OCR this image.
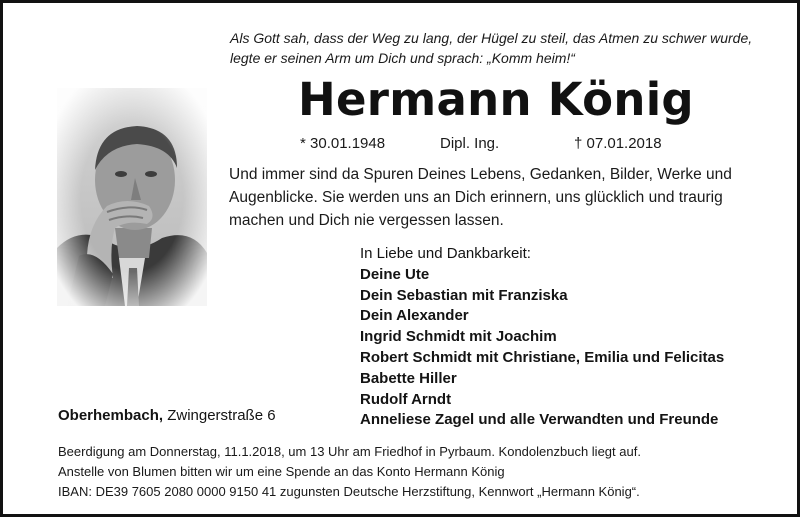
Als Gott sah, dass der Weg zu lang, der Hügel zu steil, das Atmen zu schwer wurde,
legte er seinen Arm um Dich und sprach: „Komm heim!“
Hermann König
* 30.01.1948	Dipl. Ing.	† 07.01.2018
Und immer sind da Spuren Deines Lebens, Gedanken, Bilder, Werke und
Augenblicke. Sie werden uns an Dich erinnern, uns glücklich und traurig
machen und Dich nie vergessen lassen.
In Liebe und Dankbarkeit:
Deine Ute
Dein Sebastian mit Franziska
Dein Alexander
Ingrid Schmidt mit Joachim
Robert Schmidt mit Christiane, Emilia und Felicitas
Babette Hiller
Rudolf Arndt
Anneliese Zagel und alle Verwandten und Freunde
Oberhembach, Zwingerstraße 6
Beerdigung am Donnerstag, 11.1.2018, um 13 Uhr am Friedhof in Pyrbaum. Kondolenzbuch liegt auf.
Anstelle von Blumen bitten wir um eine Spende an das Konto Hermann König
IBAN: DE39 7605 2080 0000 9150 41 zugunsten Deutsche Herzstiftung, Kennwort „Hermann König“.
